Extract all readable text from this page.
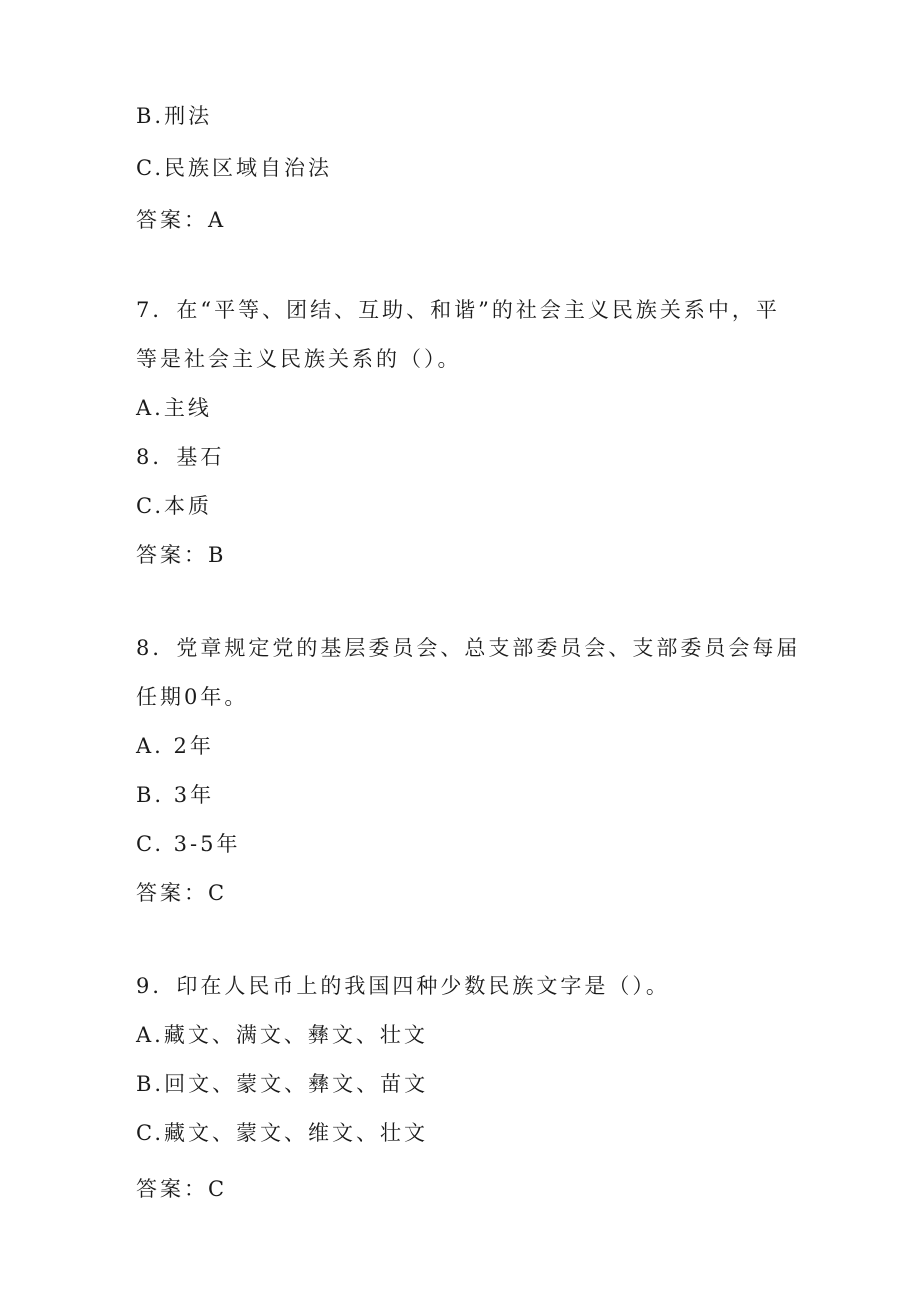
B.刑法
C.民族区域自治法
答案：A
7．在“平等、团结、互助、和谐”的社会主义民族关系中，平
等是社会主义民族关系的（）。
A.主线
8．基石
C.本质
答案：B
8．党章规定党的基层委员会、总支部委员会、支部委员会每届
任期0年。
A. 2年
B. 3年
C. 3-5年
答案：C
9．印在人民币上的我国四种少数民族文字是（）。
A.藏文、满文、彝文、壮文
B.回文、蒙文、彝文、苗文
C.藏文、蒙文、维文、壮文
答案：C
